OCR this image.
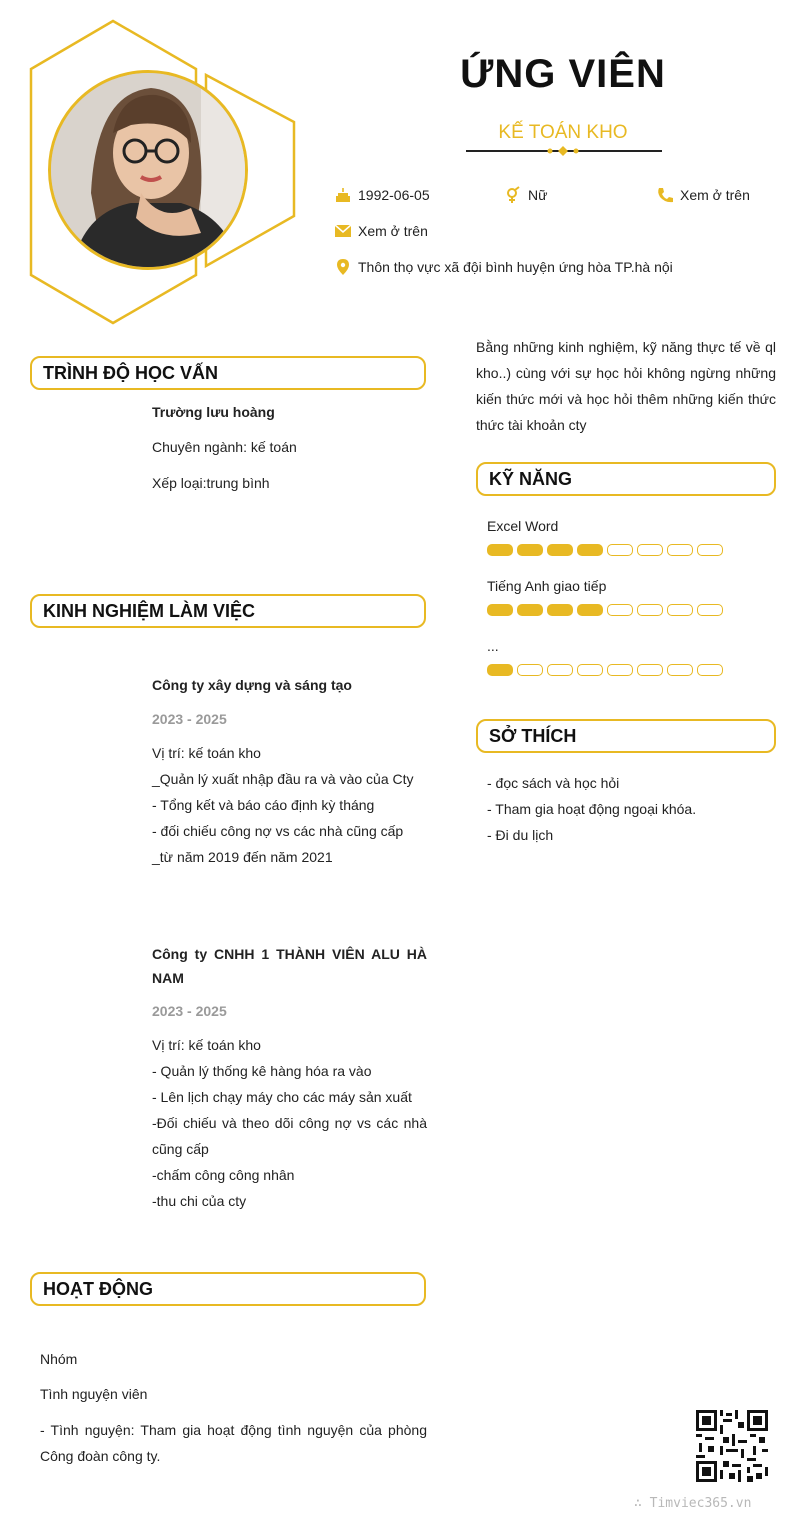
ỨNG VIÊN
KẾ TOÁN KHO
1992-06-05	Nữ	Xem ở trên
Xem ở trên
Thôn thọ vực xã đội bình huyện ứng hòa TP.hà nội
TRÌNH ĐỘ HỌC VẤN
Trường lưu hoàng
Chuyên ngành: kế toán
Xếp loại:trung bình
KINH NGHIỆM LÀM VIỆC
Công ty xây dựng và sáng tạo
2023 - 2025
Vị trí: kế toán kho
_Quản lý xuất nhập đầu ra và vào của Cty
- Tổng kết và báo cáo định kỳ tháng
- đối chiếu công nợ vs các nhà cũng cấp _từ năm 2019 đến năm 2021
Công ty CNHH 1 THÀNH VIÊN ALU HÀ NAM
2023 - 2025
Vị trí: kế toán kho
- Quản lý thống kê hàng hóa ra vào
- Lên lịch chạy máy cho các máy sản xuất
-Đối chiếu và theo dõi công nợ vs các nhà cũng cấp
-chấm công công nhân
-thu chi của cty
HOẠT ĐỘNG
Nhóm
Tình nguyện viên
- Tình nguyện: Tham gia hoạt động tình nguyện của phòng Công đoàn công ty.
Bằng những kinh nghiệm, kỹ năng thực tế về ql kho..) cùng với sự học hỏi không ngừng những kiến thức mới và học hỏi thêm những kiến thức thức tài khoản cty
KỸ NĂNG
Excel Word
Tiếng Anh giao tiếp
...
SỞ THÍCH
- đọc sách và học hỏi
- Tham gia hoạt động ngoại khóa.
- Đi du lịch
∴ Timviec365.vn
